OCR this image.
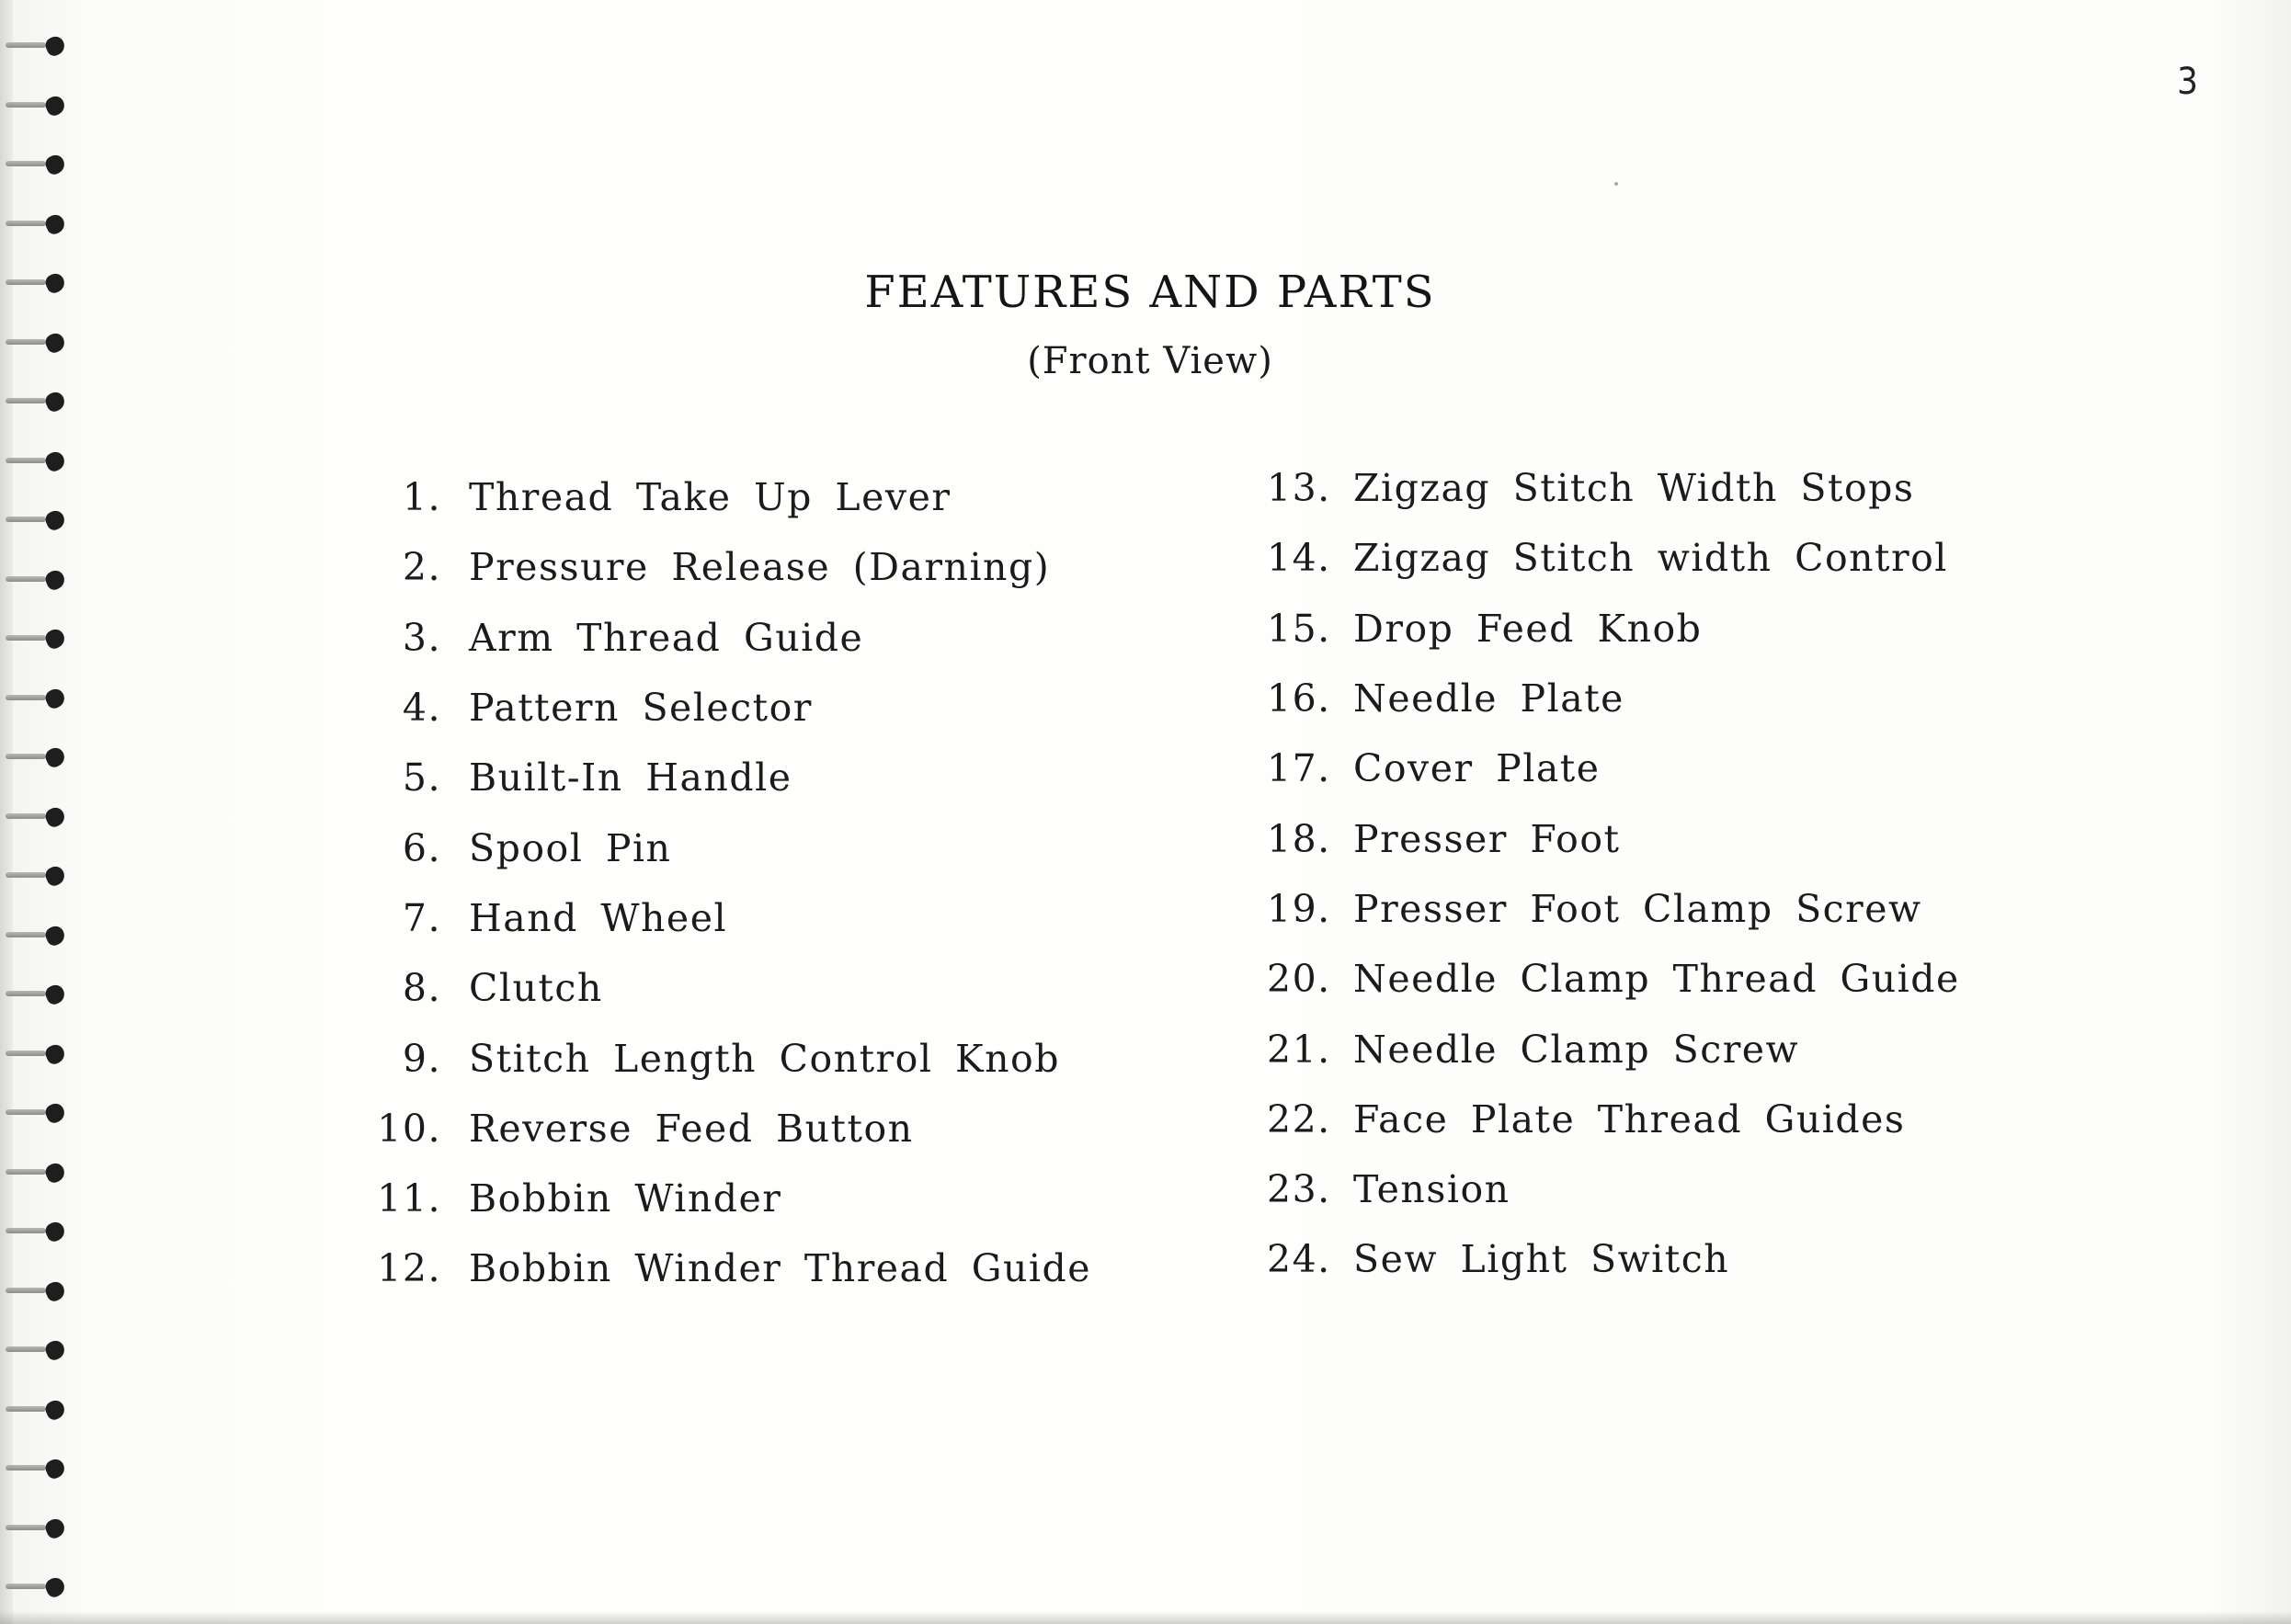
3
FEATURES AND PARTS
(Front View)
1. Thread Take Up Lever
2. Pressure Release (Darning)
3. Arm Thread Guide
4. Pattern Selector
5. Built-In Handle
6. Spool Pin
7. Hand Wheel
8. Clutch
9. Stitch Length Control Knob
10. Reverse Feed Button
11. Bobbin Winder
12. Bobbin Winder Thread Guide
13. Zigzag Stitch Width Stops
14. Zigzag Stitch width Control
15. Drop Feed Knob
16. Needle Plate
17. Cover Plate
18. Presser Foot
19. Presser Foot Clamp Screw
20. Needle Clamp Thread Guide
21. Needle Clamp Screw
22. Face Plate Thread Guides
23. Tension
24. Sew Light Switch
